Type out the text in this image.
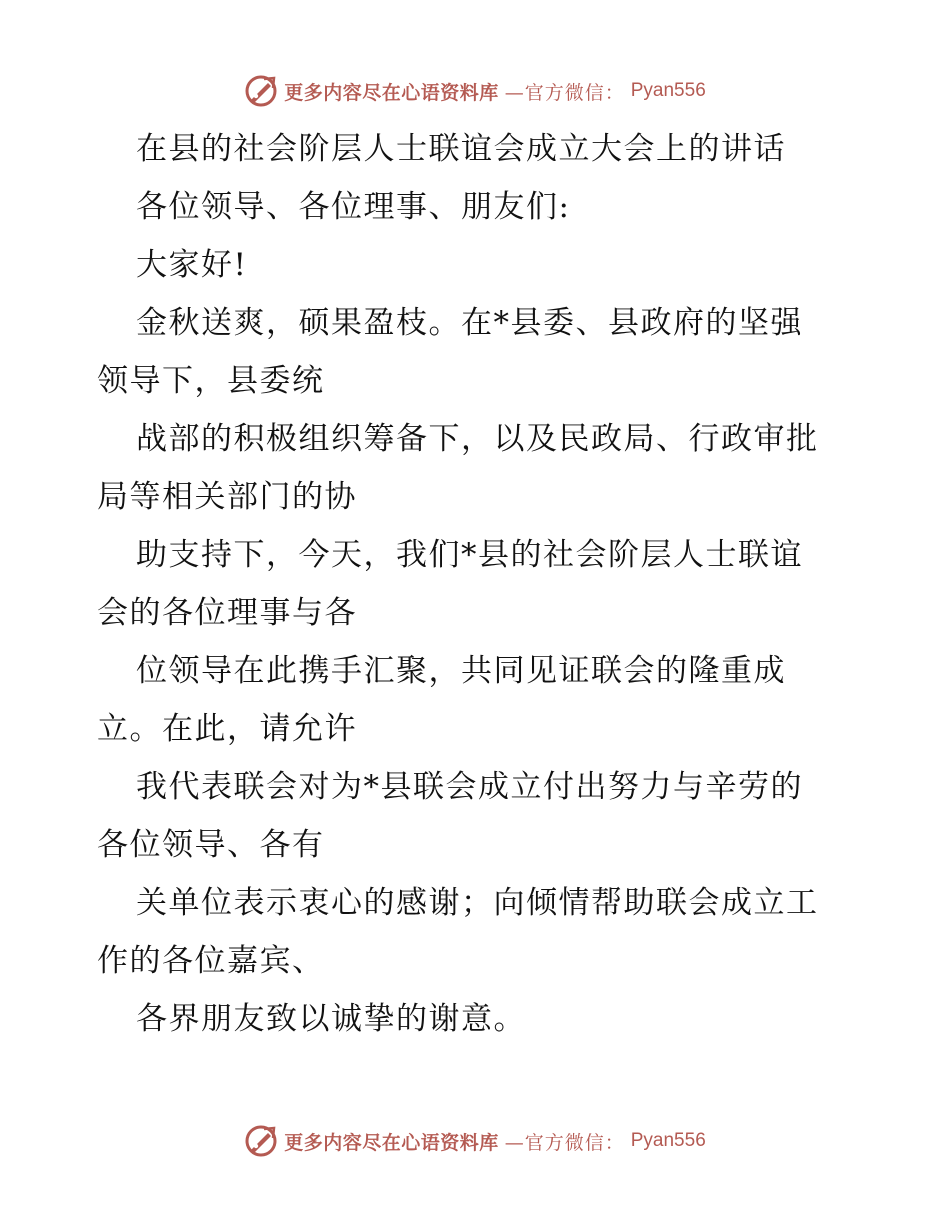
更多内容尽在心语资料库 —官方微信： Pyan556
在县的社会阶层人士联谊会成立大会上的讲话
各位领导、各位理事、朋友们:
大家好!
金秋送爽，硕果盈枝。在*县委、县政府的坚强
领导下，县委统
战部的积极组织筹备下，以及民政局、行政审批
局等相关部门的协
助支持下，今天，我们*县的社会阶层人士联谊
会的各位理事与各
位领导在此携手汇聚，共同见证联会的隆重成
立。在此，请允许
我代表联会对为*县联会成立付出努力与辛劳的
各位领导、各有
关单位表示衷心的感谢；向倾情帮助联会成立工
作的各位嘉宾、
各界朋友致以诚挚的谢意。
更多内容尽在心语资料库 —官方微信： Pyan556
